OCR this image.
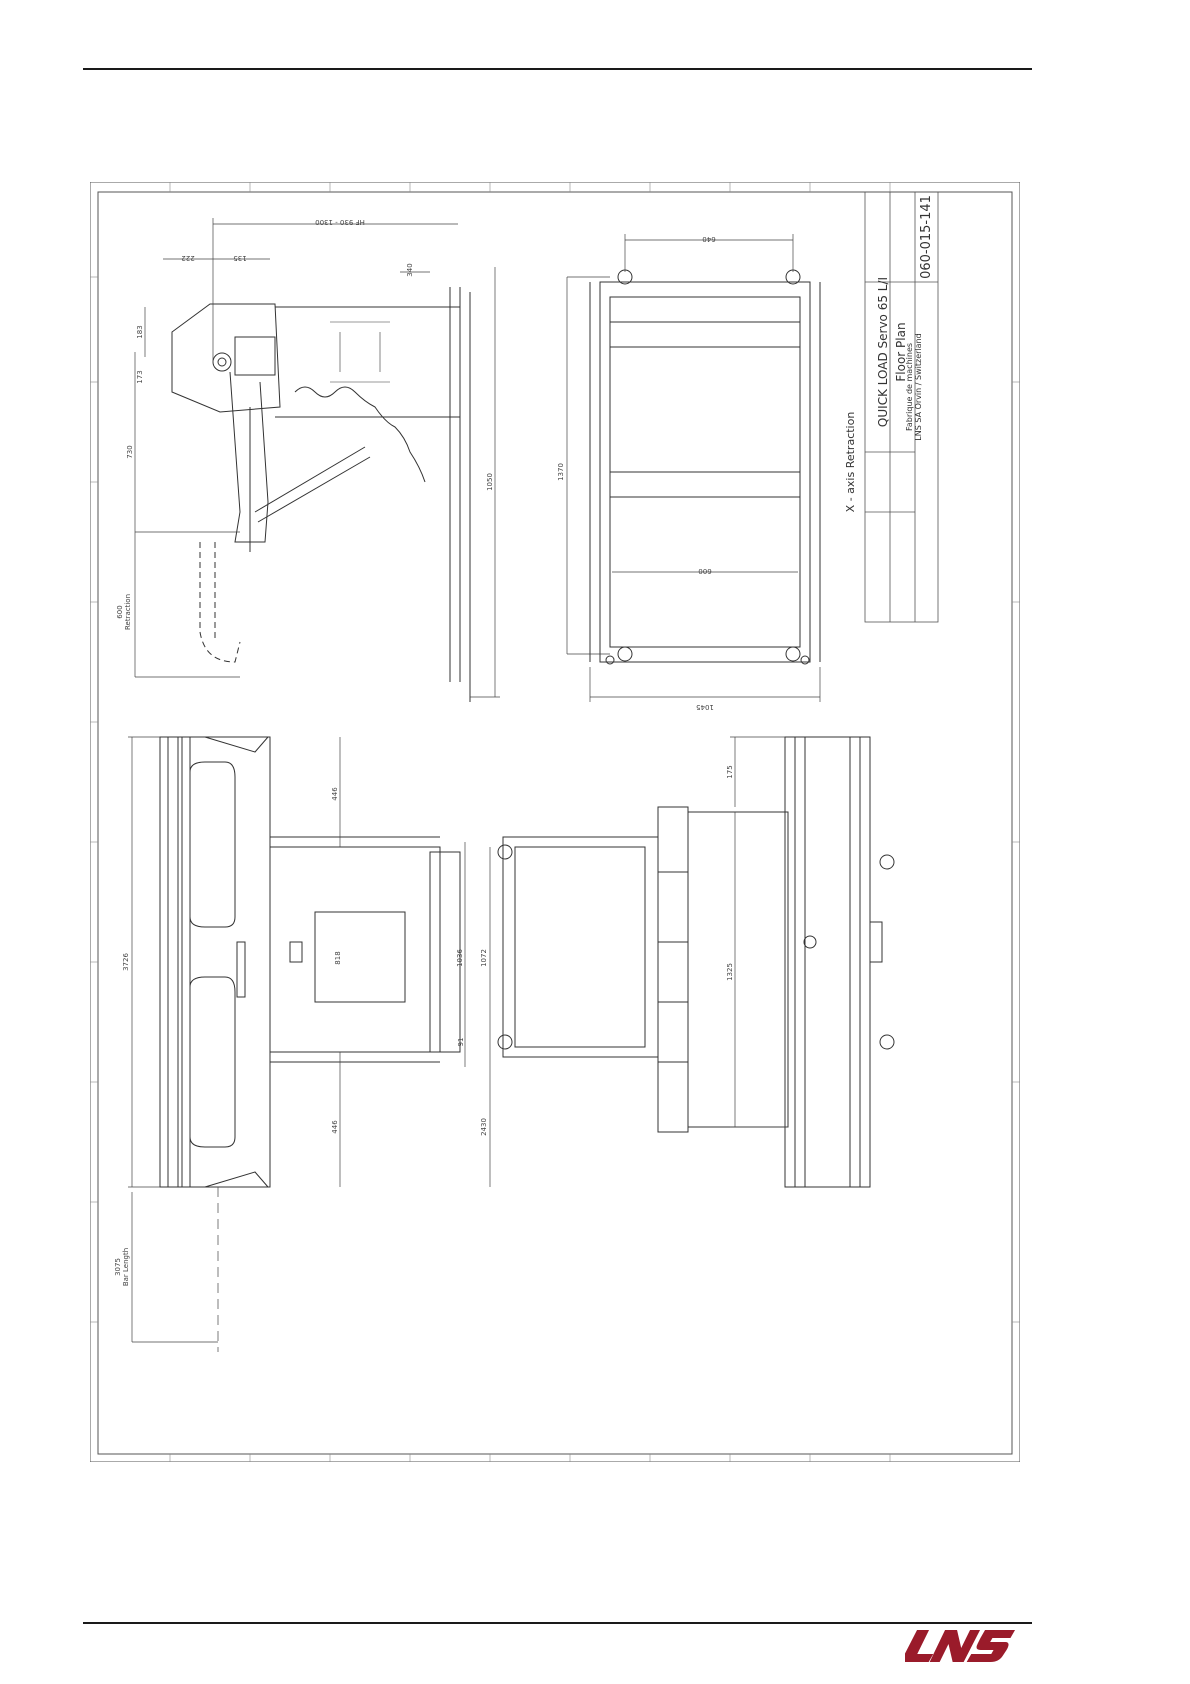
HF 930 - 1300
222	135
183
173
730
1050
340
600 Retraction
640
1370
600
1045
446
446
3726	818	1036 1072
2430
3075 Bar Length
175
1325
91
X - axis Retraction
QUICK LOAD Servo 65 L/I Floor Plan
Fabrique de machines LNS SA Orvin / Switzerland
060-015-141
